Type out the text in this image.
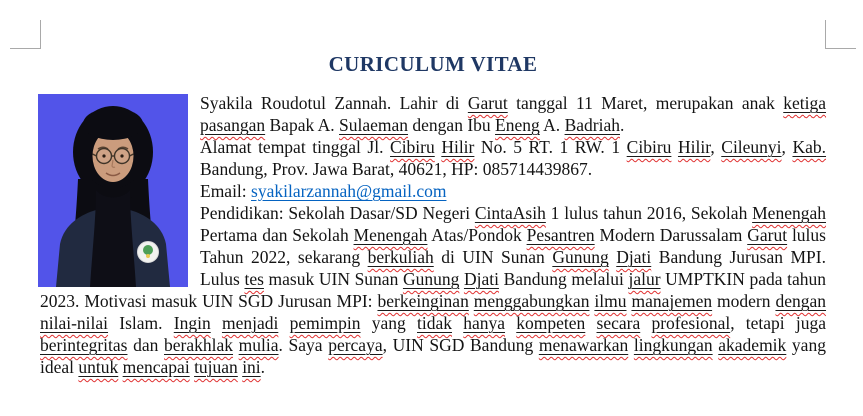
CURICULUM VITAE

Syakila Roudotul Zannah. Lahir di Garut tanggal 11 Maret, merupakan anak ketiga pasangan Bapak A. Sulaeman dengan Ibu Eneng A. Badriah.

Alamat tempat tinggal Jl. Cibiru Hilir No. 5 RT. 1 RW. 1 Cibiru Hilir, Cileunyi, Kab. Bandung, Prov. Jawa Barat, 40621, HP: 085714439867.

Email: syakilarzannah@gmail.com

Pendidikan: Sekolah Dasar/SD Negeri CintaAsih 1 lulus tahun 2016, Sekolah Menengah Pertama dan Sekolah Menengah Atas/Pondok Pesantren Modern Darussalam Garut lulus Tahun 2022, sekarang berkuliah di UIN Sunan Gunung Djati Bandung Jurusan MPI. Lulus tes masuk UIN Sunan Gunung Djati Bandung melalui jalur UMPTKIN pada tahun 2023. Motivasi masuk UIN SGD Jurusan MPI: berkeinginan menggabungkan ilmu manajemen modern dengan nilai-nilai Islam. Ingin menjadi pemimpin yang tidak hanya kompeten secara profesional, tetapi juga berintegritas dan berakhlak mulia. Saya percaya, UIN SGD Bandung menawarkan lingkungan akademik yang ideal untuk mencapai tujuan ini.
